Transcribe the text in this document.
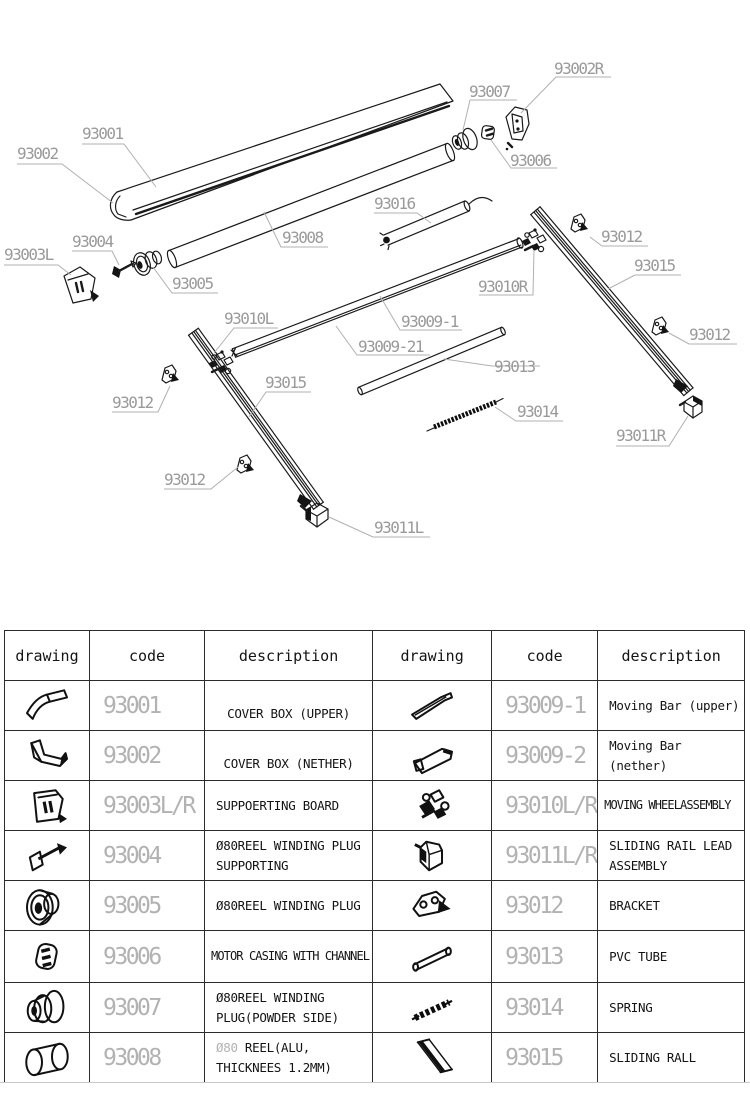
93001
93002
93003L
93004
93005
93008
93016
93007
93002R
93006
93010R
93012
93015
93012
93011R
93009-1
93009-21
93010L
93013
93014
93015
93012
93012
93011L
drawing	code	description	drawing	code	description
	93001	COVER BOX (UPPER)		93009-1	Moving Bar (upper)
	93002	COVER BOX (NETHER)		93009-2	Moving Bar (nether)
	93003L/R	SUPPOERTING BOARD		93010L/R	MOVING WHEELASSEMBLY
	93004	Ø80REEL WINDING PLUG SUPPORTING		93011L/R	SLIDING RAIL LEAD ASSEMBLY
	93005	Ø80REEL WINDING PLUG		93012	BRACKET
	93006	MOTOR CASING WITH CHANNEL		93013	PVC TUBE
	93007	Ø80REEL WINDING PLUG(POWDER SIDE)		93014	SPRING
	93008	Ø80 REEL(ALU, THICKNEES 1.2MM)		93015	SLIDING RALL
